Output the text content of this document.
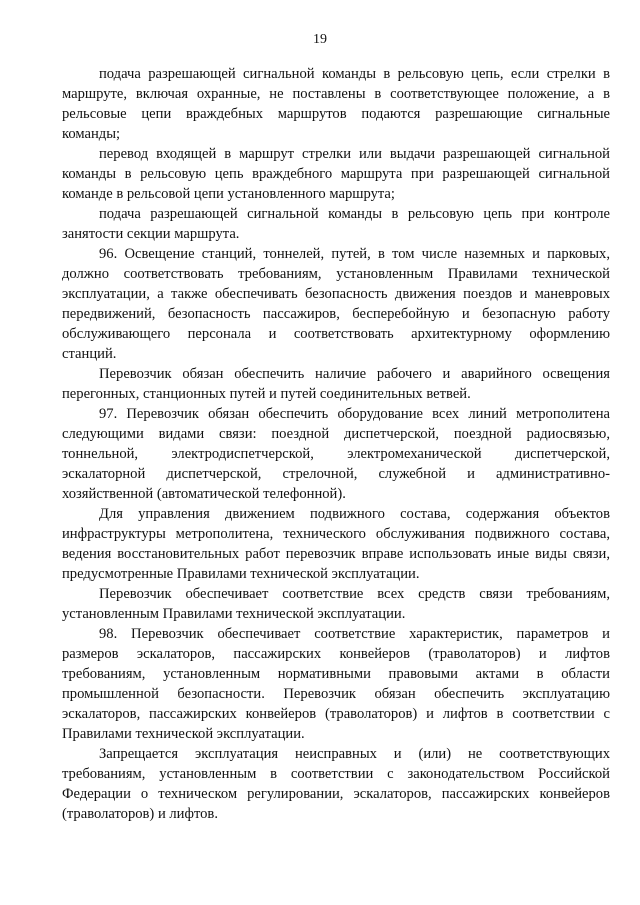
19

подача разрешающей сигнальной команды в рельсовую цепь, если стрелки в
маршруте, включая охранные, не поставлены в соответствующее положение, а в
рельсовые цепи враждебных маршрутов подаются разрешающие сигнальные
команды;

перевод входящей в маршрут стрелки или выдачи разрешающей сигнальной
команды в рельсовую цепь враждебного маршрута при разрешающей сигнальной
команде в рельсовой цепи установленного маршрута;

подача разрешающей сигнальной команды в рельсовую цепь при контроле
занятости секции маршрута.

96. Освещение станций, тоннелей, путей, в том числе наземных и парковых,
должно соответствовать требованиям, установленным Правилами технической
эксплуатации, а также обеспечивать безопасность движения поездов и маневровых
передвижений, безопасность пассажиров, бесперебойную и безопасную работу
обслуживающего персонала и соответствовать архитектурному оформлению
станций.

Перевозчик обязан обеспечить наличие рабочего и аварийного освещения
перегонных, станционных путей и путей соединительных ветвей.

97. Перевозчик обязан обеспечить оборудование всех линий метрополитена
следующими видами связи: поездной диспетчерской, поездной радиосвязью,
тоннельной, электродиспетчерской, электромеханической диспетчерской,
эскалаторной диспетчерской, стрелочной, служебной и административно-
хозяйственной (автоматической телефонной).

Для управления движением подвижного состава, содержания объектов
инфраструктуры метрополитена, технического обслуживания подвижного состава,
ведения восстановительных работ перевозчик вправе использовать иные виды связи,
предусмотренные Правилами технической эксплуатации.

Перевозчик обеспечивает соответствие всех средств связи требованиям,
установленным Правилами технической эксплуатации.

98. Перевозчик обеспечивает соответствие характеристик, параметров и
размеров эскалаторов, пассажирских конвейеров (траволаторов) и лифтов
требованиям, установленным нормативными правовыми актами в области
промышленной безопасности. Перевозчик обязан обеспечить эксплуатацию
эскалаторов, пассажирских конвейеров (траволаторов) и лифтов в соответствии с
Правилами технической эксплуатации.

Запрещается эксплуатация неисправных и (или) не соответствующих
требованиям, установленным в соответствии с законодательством Российской
Федерации о техническом регулировании, эскалаторов, пассажирских конвейеров
(траволаторов) и лифтов.
